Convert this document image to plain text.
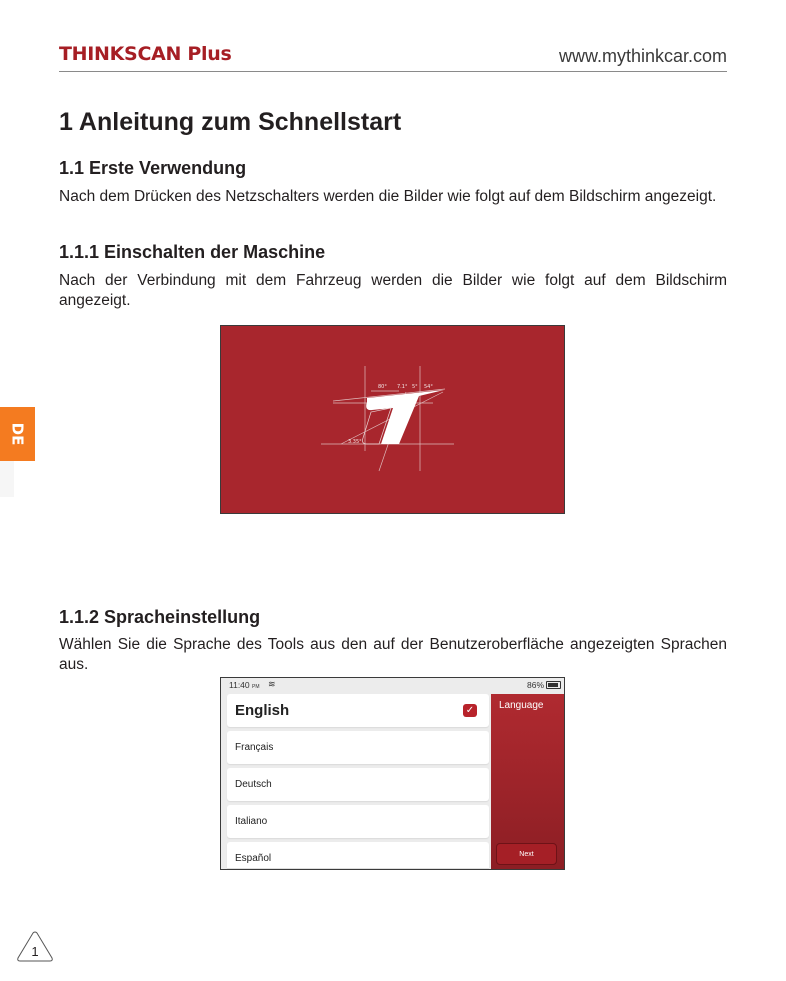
THINKSCAN Plus	www.mythinkcar.com
DE
1 Anleitung zum Schnellstart
1.1 Erste Verwendung

Nach dem Drücken des Netzschalters werden die Bilder wie folgt auf dem Bildschirm angezeigt.

1.1.1 Einschalten der Maschine

Nach der Verbindung mit dem Fahrzeug werden die Bilder wie folgt auf dem Bildschirm angezeigt.

80° 7.1° 5° 54°
3.35°
1.1.2 Spracheinstellung

Wählen Sie die Sprache des Tools aus den auf der Benutzeroberfläche angezeigten Sprachen aus.

11:40 PM ≋	86%
English	✓
Français
Deutsch
Italiano
Español
Language
Next
1
